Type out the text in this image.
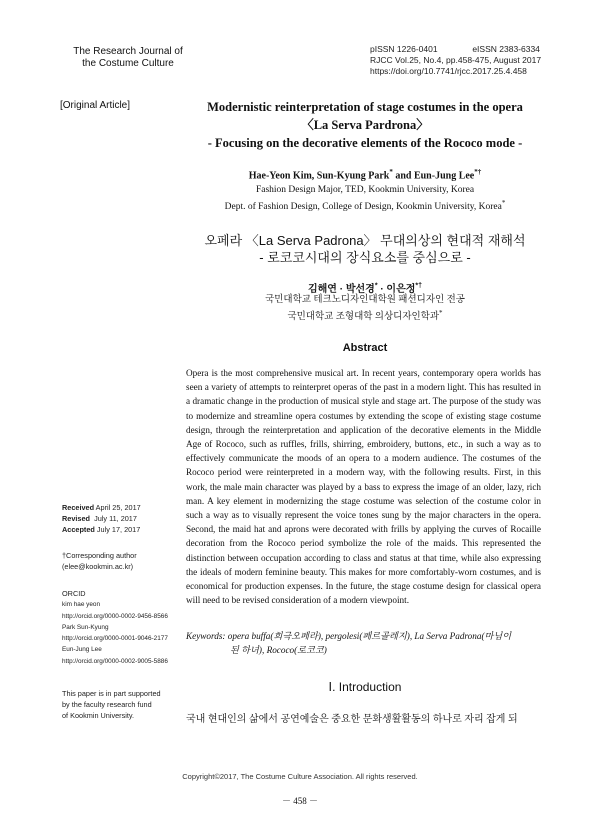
The Research Journal of
the Costume Culture
pISSN 1226-0401	eISSN 2383-6334
RJCC Vol.25, No.4, pp.458-475, August 2017
https://doi.org/10.7741/rjcc.2017.25.4.458
[Original Article]	Modernistic reinterpretation of stage costumes in the opera
〈La Serva Pardrona〉
- Focusing on the decorative elements of the Rococo mode -
Hae-Yeon Kim, Sun-Kyung Park* and Eun-Jung Lee*†
Fashion Design Major, TED, Kookmin University, Korea
Dept. of Fashion Design, College of Design, Kookmin University, Korea*
오페라 〈La Serva Padrona〉 무대의상의 현대적 재해석
- 로코코시대의 장식요소를 중심으로 -
김해연 · 박선경* · 이은정*†
국민대학교 테크노디자인대학원 패션디자인 전공
국민대학교 조형대학 의상디자인학과*
Abstract
Opera is the most comprehensive musical art. In recent years, contemporary opera worlds has seen a variety of attempts to reinterpret operas of the past in a modern light. This has resulted in a dramatic change in the production of musical style and stage art. The purpose of the study was to modernize and streamline opera costumes by extending the scope of existing stage costume design, through the reinterpretation and application of the decorative elements in the Middle Age of Rococo, such as ruffles, frills, shirring, embroidery, buttons, etc., in such a way as to effectively communicate the moods of an opera to a modern audience. The costumes of the Rococo period were reinterpreted in a modern way, with the following results. First, in this work, the male main character was played by a bass to express the image of an older, lazy, rich man. A key element in modernizing the stage costume was selection of the costume color in such a way as to visually represent the voice tones sung by the major characters in the opera. Second, the maid hat and aprons were decorated with frills by applying the curves of Rocaille decoration from the Rococo period symbolize the role of the maids. This represented the distinction between occupation according to class and status at that time, while also expressing the ideals of modern feminine beauty. This makes for more comfortably-worn costumes, and is economical for production expenses. In the future, the stage costume design for classical opera will need to be revised consideration of a modern viewpoint.
Keywords: opera buffa(희극오페라), pergolesi(페르골레지), La Serva Padrona(마님이
된 하녀), Rococo(로코코)
Received April 25, 2017
Revised July 11, 2017
Accepted July 17, 2017
†Corresponding author
(elee@kookmin.ac.kr)
ORCID
kim hae yeon
http://orcid.org/0000-0002-9456-8566
Park Sun-Kyung
http://orcid.org/0000-0001-9046-2177
Eun-Jung Lee
http://orcid.org/0000-0002-9005-5886
This paper is in part supported
by the faculty research fund
of Kookmin University.
Ⅰ. Introduction
국내 현대인의 삶에서 공연예술은 중요한 문화생활활동의 하나로 자리 잡게 되
Copyright©2017, The Costume Culture Association. All rights reserved.
－ 458 －
